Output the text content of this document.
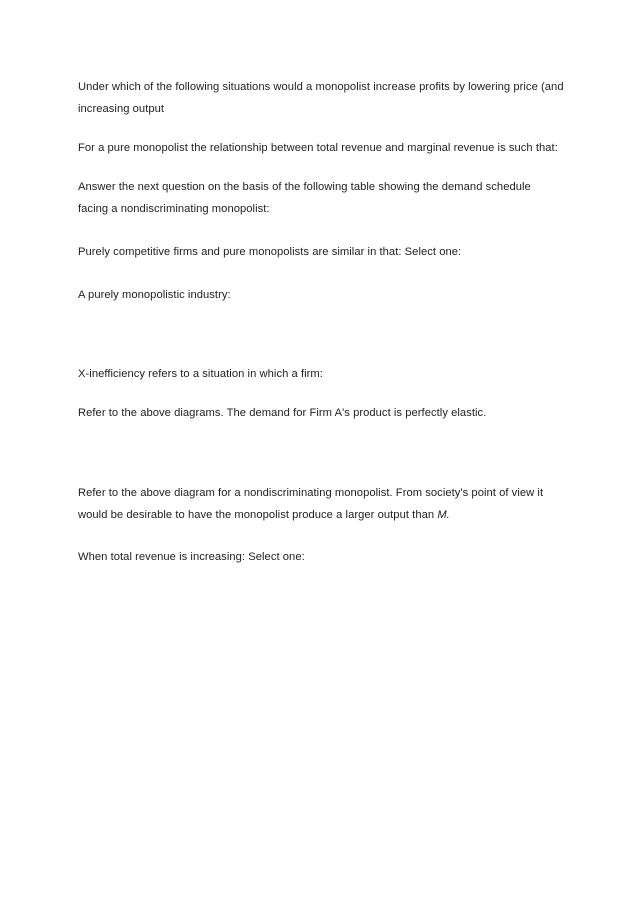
Under which of the following situations would a monopolist increase profits by lowering price (and
increasing output
For a pure monopolist the relationship between total revenue and marginal revenue is such that:
Answer the next question on the basis of the following table showing the demand schedule
facing a nondiscriminating monopolist:
Purely competitive firms and pure monopolists are similar in that: Select one:
A purely monopolistic industry:
X-inefficiency refers to a situation in which a firm:
Refer to the above diagrams. The demand for Firm A's product is perfectly elastic.
Refer to the above diagram for a nondiscriminating monopolist. From society's point of view it
would be desirable to have the monopolist produce a larger output than M.
When total revenue is increasing: Select one:
